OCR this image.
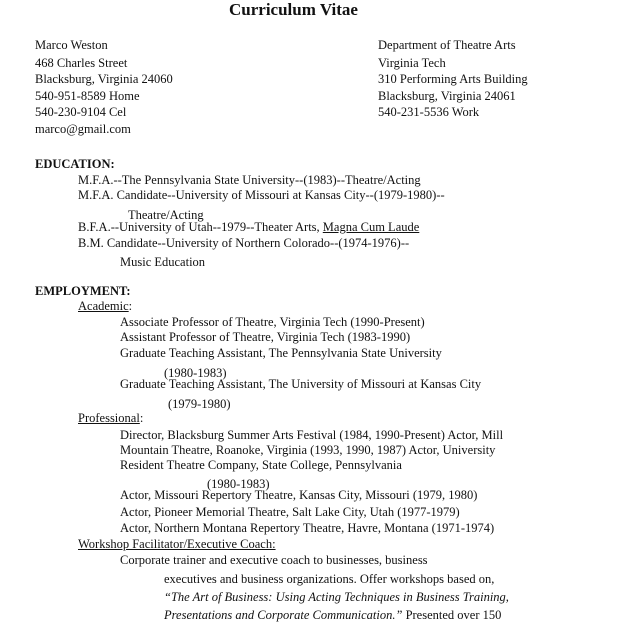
Curriculum Vitae
Marco Weston
468 Charles Street
Blacksburg, Virginia 24060
540-951-8589 Home
540-230-9104 Cel
marco@gmail.com
Department of Theatre Arts
Virginia Tech
310 Performing Arts Building
Blacksburg, Virginia 24061
540-231-5536 Work
EDUCATION:
M.F.A.--The Pennsylvania State University--(1983)--Theatre/Acting
M.F.A. Candidate--University of Missouri at Kansas City--(1979-1980)--
Theatre/Acting
B.F.A.--University of Utah--1979--Theater Arts, Magna Cum Laude
B.M. Candidate--University of Northern Colorado--(1974-1976)--
Music Education
EMPLOYMENT:
Academic:
Associate Professor of Theatre, Virginia Tech (1990-Present)
Assistant Professor of Theatre, Virginia Tech (1983-1990)
Graduate Teaching Assistant, The Pennsylvania State University
(1980-1983)
Graduate Teaching Assistant, The University of Missouri at Kansas City
(1979-1980)
Professional:
Director, Blacksburg Summer Arts Festival (1984, 1990-Present) Actor, Mill
Mountain Theatre, Roanoke, Virginia (1993, 1990, 1987) Actor, University
Resident Theatre Company, State College, Pennsylvania
(1980-1983)
Actor, Missouri Repertory Theatre, Kansas City, Missouri (1979, 1980)
Actor, Pioneer Memorial Theatre, Salt Lake City, Utah (1977-1979)
Actor, Northern Montana Repertory Theatre, Havre, Montana (1971-1974)
Workshop Facilitator/Executive Coach:
Corporate trainer and executive coach to businesses, business
executives and business organizations. Offer workshops based on,
“The Art of Business: Using Acting Techniques in Business Training,
Presentations and Corporate Communication.” Presented over 150
